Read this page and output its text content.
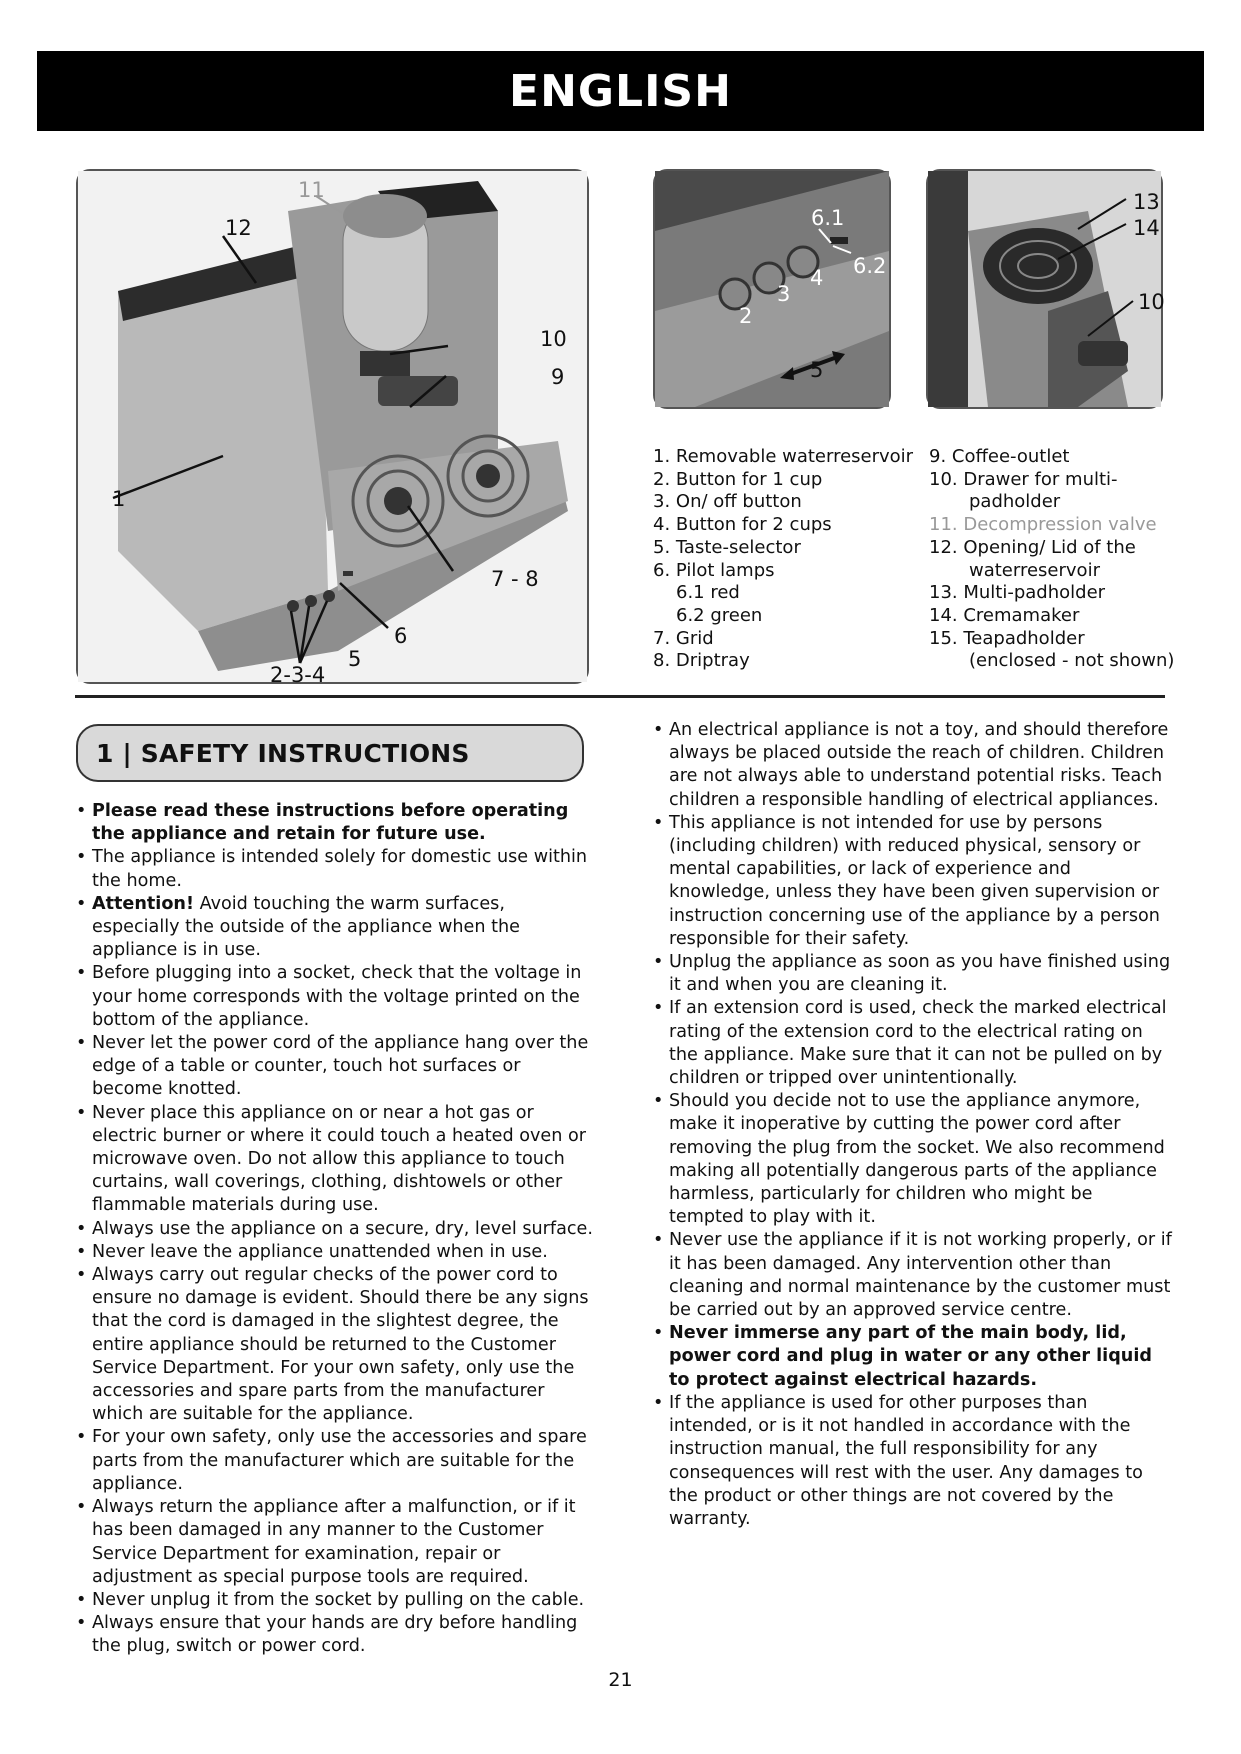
ENGLISH
11
12
10
9
1
7 - 8
6
5
2-3-4
6.1
6.2
4
3
2
5
13
14
10
1. Removable waterreservoir
2. Button for 1 cup
3. On/ off button
4. Button for 2 cups
5. Taste-selector
6. Pilot lamps
6.1 red
6.2 green
7. Grid
8. Driptray
9. Coffee-outlet
10. Drawer for multi-
padholder
11. Decompression valve
12. Opening/ Lid of the
waterreservoir
13. Multi-padholder
14. Cremamaker
15. Teapadholder
(enclosed - not shown)
1 | SAFETY INSTRUCTIONS
• Please read these instructions before operating the appliance and retain for future use.
• The appliance is intended solely for domestic use within the home.
• Attention! Avoid touching the warm surfaces, especially the outside of the appliance when the appliance is in use.
• Before plugging into a socket, check that the voltage in your home corresponds with the voltage printed on the bottom of the appliance.
• Never let the power cord of the appliance hang over the edge of a table or counter, touch hot surfaces or become knotted.
• Never place this appliance on or near a hot gas or electric burner or where it could touch a heated oven or microwave oven. Do not allow this appliance to touch curtains, wall coverings, clothing, dishtowels or other flammable materials during use.
• Always use the appliance on a secure, dry, level surface.
• Never leave the appliance unattended when in use.
• Always carry out regular checks of the power cord to ensure no damage is evident. Should there be any signs that the cord is damaged in the slightest degree, the entire appliance should be returned to the Customer Service Department. For your own safety, only use the accessories and spare parts from the manufacturer which are suitable for the appliance.
• For your own safety, only use the accessories and spare parts from the manufacturer which are suitable for the appliance.
• Always return the appliance after a malfunction, or if it has been damaged in any manner to the Customer Service Department for examination, repair or adjustment as special purpose tools are required.
• Never unplug it from the socket by pulling on the cable.
• Always ensure that your hands are dry before handling the plug, switch or power cord.
• An electrical appliance is not a toy, and should therefore always be placed outside the reach of children. Children are not always able to understand potential risks. Teach children a responsible handling of electrical appliances.
• This appliance is not intended for use by persons (including children) with reduced physical, sensory or mental capabilities, or lack of experience and knowledge, unless they have been given supervision or instruction concerning use of the appliance by a person responsible for their safety.
• Unplug the appliance as soon as you have finished using it and when you are cleaning it.
• If an extension cord is used, check the marked electrical rating of the extension cord to the electrical rating on the appliance. Make sure that it can not be pulled on by children or tripped over unintentionally.
• Should you decide not to use the appliance anymore, make it inoperative by cutting the power cord after removing the plug from the socket. We also recommend making all potentially dangerous parts of the appliance harmless, particularly for children who might be tempted to play with it.
• Never use the appliance if it is not working properly, or if it has been damaged. Any intervention other than cleaning and normal maintenance by the customer must be carried out by an approved service centre.
• Never immerse any part of the main body, lid, power cord and plug in water or any other liquid to protect against electrical hazards.
• If the appliance is used for other purposes than intended, or is it not handled in accordance with the instruction manual, the full responsibility for any consequences will rest with the user. Any damages to the product or other things are not covered by the warranty.
21
